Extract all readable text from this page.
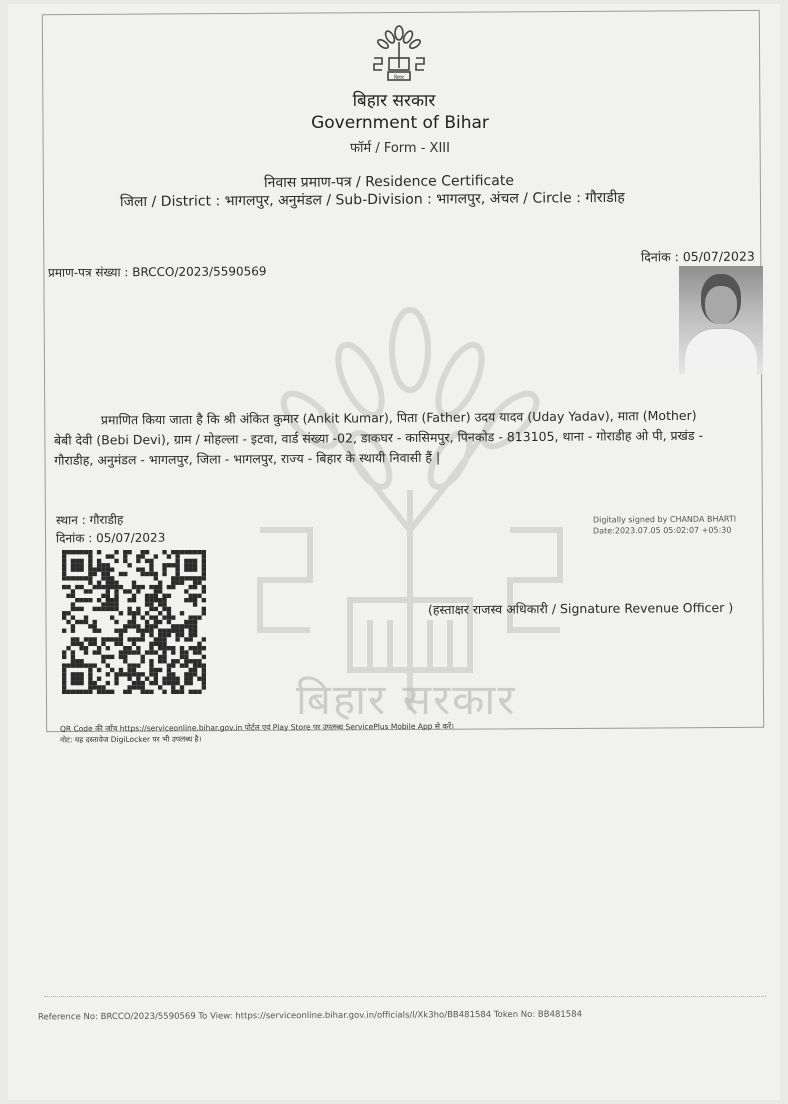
बिहार सरकार
बिहार
बिहार सरकार
Government of Bihar
फॉर्म / Form - XIII
निवास प्रमाण-पत्र / Residence Certificate
जिला / District : भागलपुर, अनुमंडल / Sub-Division : भागलपुर, अंचल / Circle : गौराडीह
प्रमाण-पत्र संख्या : BRCCO/2023/5590569
दिनांक : 05/07/2023
प्रमाणित किया जाता है कि श्री अंकित कुमार (Ankit Kumar), पिता (Father) उदय यादव (Uday Yadav), माता (Mother)
बेबी देवी (Bebi Devi), ग्राम / मोहल्ला - इटवा, वार्ड संख्या -02, डाकघर - कासिमपुर, पिनकोड - 813105, थाना - गोराडीह ओ पी, प्रखंड -
गौराडीह, अनुमंडल - भागलपुर, जिला - भागलपुर, राज्य - बिहार के स्थायी निवासी हैं |
स्थान : गौराडीह
दिनांक : 05/07/2023
Digitally signed by CHANDA BHARTI
Date:2023.07.05 05:02:07 +05:30
(हस्ताक्षर राजस्व अधिकारी / Signature Revenue Officer )
QR Code की जाँच https://serviceonline.bihar.gov.in पोर्टल एवं Play Store पर उपलब्ध ServicePlus Mobile App से करें।
नोट: यह दस्तावेज DigiLocker पर भी उपलब्ध है।
Reference No: BRCCO/2023/5590569 To View: https://serviceonline.bihar.gov.in/officials/l/Xk3ho/BB481584 Token No: BB481584
